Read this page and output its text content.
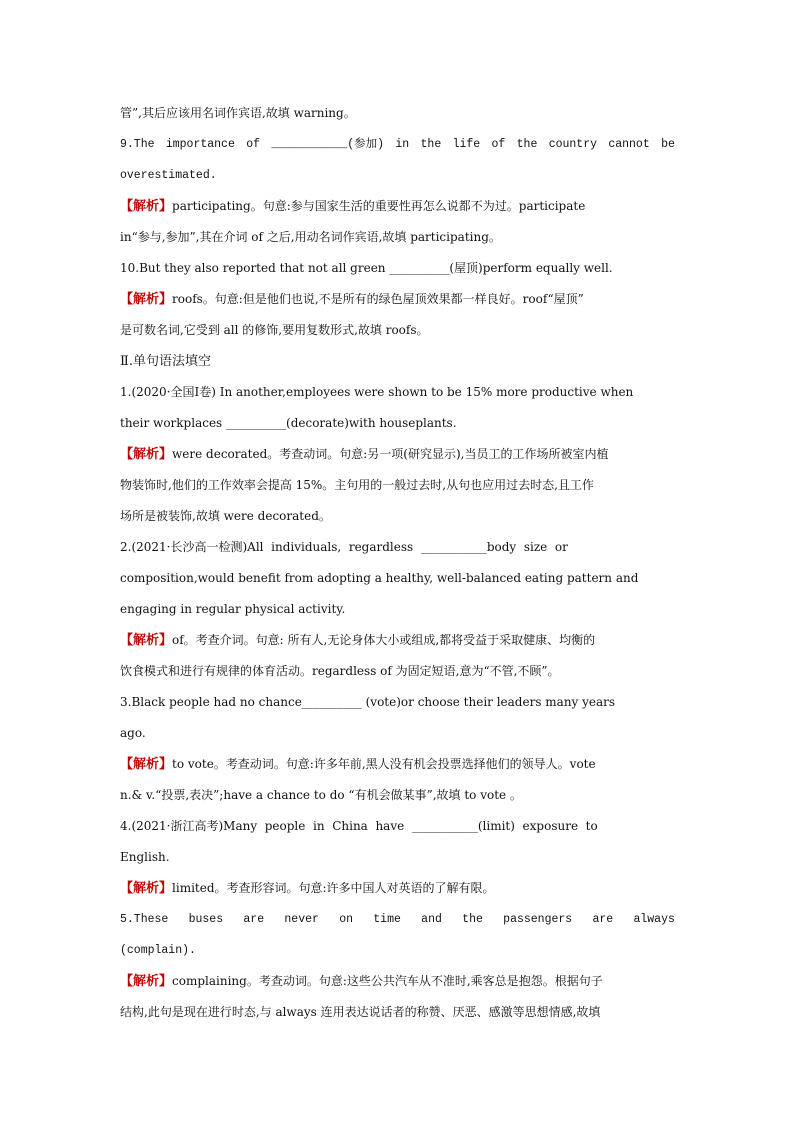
管”,其后应该用名词作宾语,故填 warning。
9.The importance of ___________(参加) in the life of the country cannot be
overestimated.
【解析】participating。句意:参与国家生活的重要性再怎么说都不为过。participate
in“参与,参加”,其在介词 of 之后,用动名词作宾语,故填 participating。
10.But they also reported that not all green __________(屋顶)perform equally well.
【解析】roofs。句意:但是他们也说,不是所有的绿色屋顶效果都一样良好。roof“屋顶”
是可数名词,它受到 all 的修饰,要用复数形式,故填 roofs。
Ⅱ.单句语法填空
1.(2020·全国Ⅰ卷) In another,employees were shown to be 15% more productive when
their workplaces __________(decorate)with houseplants.
【解析】were decorated。考查动词。句意:另一项(研究显示),当员工的工作场所被室内植
物装饰时,他们的工作效率会提高 15%。主句用的一般过去时,从句也应用过去时态,且工作
场所是被装饰,故填 were decorated。
2.(2021·长沙高一检测)All  individuals,  regardless  ___________body  size  or
composition,would benefit from adopting a healthy, well-balanced eating pattern and
engaging in regular physical activity.
【解析】of。考查介词。句意: 所有人,无论身体大小或组成,都将受益于采取健康、均衡的
饮食模式和进行有规律的体育活动。regardless of 为固定短语,意为“不管,不顾”。
3.Black people had no chance__________ (vote)or choose their leaders many years
ago.
【解析】to vote。考查动词。句意:许多年前,黑人没有机会投票选择他们的领导人。vote
n.& v.“投票,表决”;have a chance to do “有机会做某事”,故填 to vote 。
4.(2021·浙江高考)Many  people  in  China  have  ___________(limit)  exposure  to
English.
【解析】limited。考查形容词。句意:许多中国人对英语的了解有限。
5.These buses are never on time and the passengers are always
(complain).
【解析】complaining。考查动词。句意:这些公共汽车从不准时,乘客总是抱怨。根据句子
结构,此句是现在进行时态,与 always 连用表达说话者的称赞、厌恶、感激等思想情感,故填
